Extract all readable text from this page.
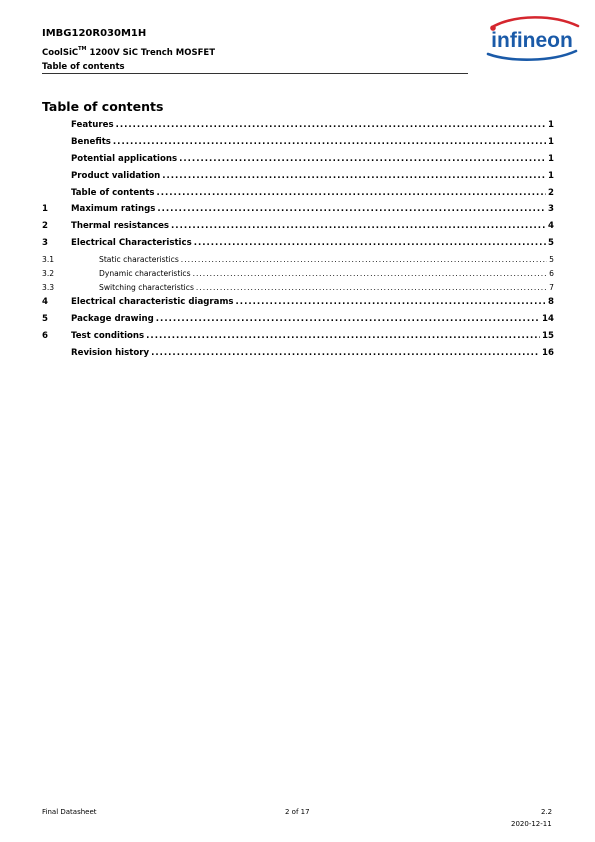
IMBG120R030M1H
CoolSiC™ 1200V SiC Trench MOSFET
Table of contents
infineon
Table of contents
Features .....	1
Benefits .....	1
Potential applications .....	1
Product validation .....	1
Table of contents .....	2
1	Maximum ratings .....	3
2	Thermal resistances .....	4
3	Electrical Characteristics .....	5
3.1	Static characteristics .....	5
3.2	Dynamic characteristics .....	6
3.3	Switching characteristics .....	7
4	Electrical characteristic diagrams .....	8
5	Package drawing .....	14
6	Test conditions .....	15
Revision history .....	16
Final Datasheet	2 of 17	2.2
2020-12-11
